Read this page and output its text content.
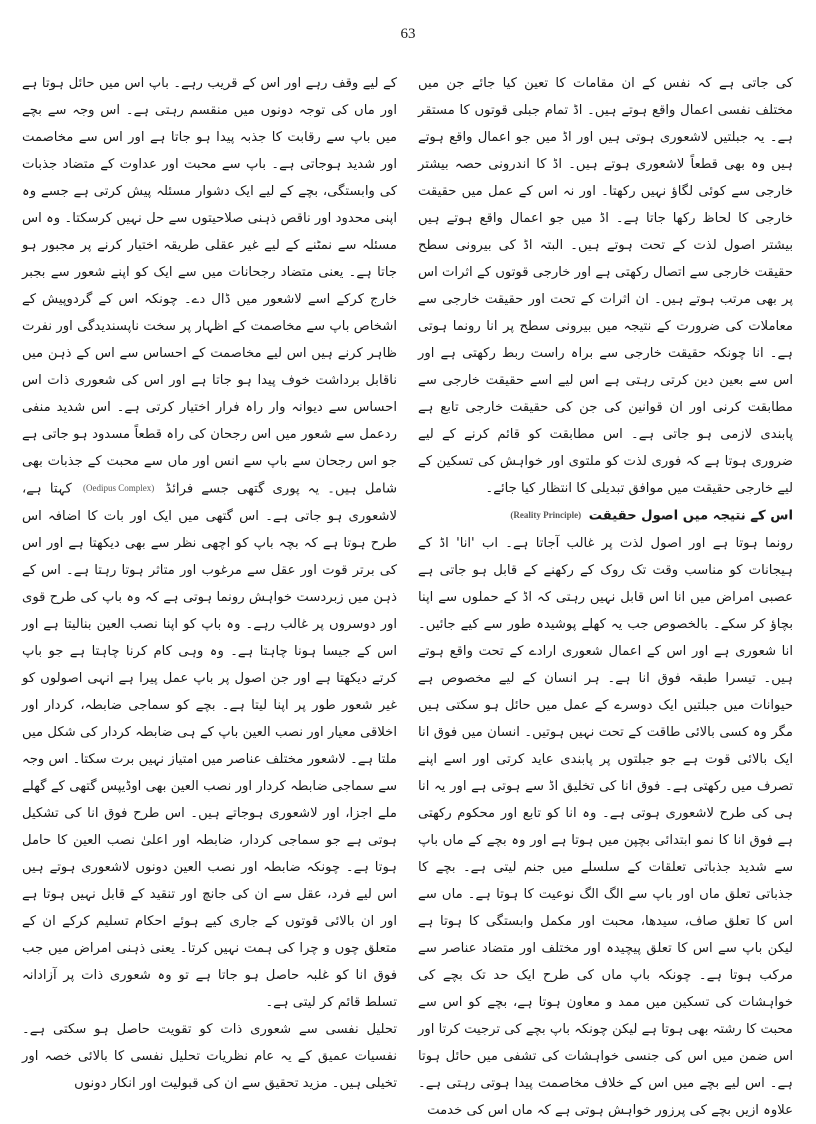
63

کی جاتی ہے کہ نفس کے ان مقامات کا تعین کیا جائے جن میں مختلف نفسی اعمال واقع ہوتے ہیں۔ اڈ تمام جبلی قوتوں کا مستقر ہے۔ یہ جبلتیں لاشعوری ہوتی ہیں اور اڈ میں جو اعمال واقع ہوتے ہیں وہ بھی قطعاً لاشعوری ہوتے ہیں۔ اڈ کا اندرونی حصہ بیشتر خارجی سے کوئی لگاؤ نہیں رکھتا۔ اور نہ اس کے عمل میں حقیقت خارجی کا لحاظ رکھا جاتا ہے۔ اڈ میں جو اعمال واقع ہوتے ہیں بیشتر اصول لذت کے تحت ہوتے ہیں۔ البتہ اڈ کی بیرونی سطح حقیقت خارجی سے اتصال رکھتی ہے اور خارجی قوتوں کے اثرات اس پر بھی مرتب ہوتے ہیں۔ ان اثرات کے تحت اور حقیقت خارجی سے معاملات کی ضرورت کے نتیجہ میں بیرونی سطح پر انا رونما ہوتی ہے۔ انا چونکہ حقیقت خارجی سے براہ راست ربط رکھتی ہے اور اس سے بعین دین کرتی رہتی ہے اس لیے اسے حقیقت خارجی سے مطابقت کرنی اور ان قوانین کی جن کی حقیقت خارجی تابع ہے پابندی لازمی ہو جاتی ہے۔ اس مطابقت کو قائم کرنے کے لیے ضروری ہوتا ہے کہ فوری لذت کو ملتوی اور خواہش کی تسکین کے لیے خارجی حقیقت میں موافق تبدیلی کا انتظار کیا جائے۔

اس کے نتیجہ میں اصول حقیقت (Reality Principle)

رونما ہوتا ہے اور اصول لذت پر غالب آجاتا ہے۔ اب 'انا' اڈ کے ہیجانات کو مناسب وقت تک روک کے رکھنے کے قابل ہو جاتی ہے عصبی امراض میں انا اس قابل نہیں رہتی کہ اڈ کے حملوں سے اپنا بچاؤ کر سکے۔ بالخصوص جب یہ کھلے پوشیدہ طور سے کیے جائیں۔ انا شعوری ہے اور اس کے اعمال شعوری ارادے کے تحت واقع ہوتے ہیں۔ تیسرا طبقہ فوق انا ہے۔ ہر انسان کے لیے مخصوص ہے حیوانات میں جبلتیں ایک دوسرے کے عمل میں حائل ہو سکتی ہیں مگر وہ کسی بالائی طاقت کے تحت نہیں ہوتیں۔ انسان میں فوق انا ایک بالائی قوت ہے جو جبلتوں پر پابندی عاید کرتی اور اسے اپنے تصرف میں رکھتی ہے۔ فوق انا کی تخلیق اڈ سے ہوتی ہے اور یہ انا ہی کی طرح لاشعوری ہوتی ہے۔ وہ انا کو تابع اور محکوم رکھتی ہے فوق انا کا نمو ابتدائی بچپن میں ہوتا ہے اور وہ بچے کے ماں باپ سے شدید جذباتی تعلقات کے سلسلے میں جنم لیتی ہے۔ بچے کا جذباتی تعلق ماں اور باپ سے الگ الگ نوعیت کا ہوتا ہے۔ ماں سے اس کا تعلق صاف، سیدھا، محبت اور مکمل وابستگی کا ہوتا ہے لیکن باپ سے اس کا تعلق پیچیدہ اور مختلف اور متضاد عناصر سے مرکب ہوتا ہے۔ چونکہ باپ ماں کی طرح ایک حد تک بچے کی خواہشات کی تسکین میں ممد و معاون ہوتا ہے، بچے کو اس سے محبت کا رشتہ بھی ہوتا ہے لیکن چونکہ باپ بچے کی ترجیت کرتا اور اس ضمن میں اس کی جنسی خواہشات کی تشفی میں حائل ہوتا ہے۔ اس لیے بچے میں اس کے خلاف مخاصمت پیدا ہوتی رہتی ہے۔ علاوہ ازیں بچے کی پرزور خواہش ہوتی ہے کہ ماں اس کی خدمت

کے لیے وقف رہے اور اس کے قریب رہے۔ باپ اس میں حائل ہوتا ہے اور ماں کی توجہ دونوں میں منقسم رہتی ہے۔ اس وجہ سے بچے میں باپ سے رقابت کا جذبہ پیدا ہو جاتا ہے اور اس سے مخاصمت اور شدید ہوجاتی ہے۔ باپ سے محبت اور عداوت کے متضاد جذبات کی وابستگی، بچے کے لیے ایک دشوار مسئلہ پیش کرتی ہے جسے وہ اپنی محدود اور ناقص ذہنی صلاحیتوں سے حل نہیں کرسکتا۔ وہ اس مسئلہ سے نمٹنے کے لیے غیر عقلی طریقہ اختیار کرنے پر مجبور ہو جاتا ہے۔ یعنی متضاد رجحانات میں سے ایک کو اپنے شعور سے بجبر خارج کرکے اسے لاشعور میں ڈال دے۔ چونکہ اس کے گردوپیش کے اشخاص باپ سے مخاصمت کے اظہار پر سخت ناپسندیدگی اور نفرت ظاہر کرنے ہیں اس لیے مخاصمت کے احساس سے اس کے ذہن میں ناقابل برداشت خوف پیدا ہو جاتا ہے اور اس کی شعوری ذات اس احساس سے دیوانہ وار راہ فرار اختیار کرتی ہے۔ اس شدید منفی ردعمل سے شعور میں اس رجحان کی راہ قطعاً مسدود ہو جاتی ہے جو اس رجحان سے باپ سے انس اور ماں سے محبت کے جذبات بھی شامل ہیں۔ یہ پوری گتھی جسے فرائڈ (Oedipus Complex) کہتا ہے، لاشعوری ہو جاتی ہے۔ اس گتھی میں ایک اور بات کا اضافہ اس طرح ہوتا ہے کہ بچہ باپ کو اچھی نظر سے بھی دیکھتا ہے اور اس کی برتر قوت اور عقل سے مرغوب اور متاثر ہوتا رہتا ہے۔ اس کے ذہن میں زبردست خواہش رونما ہوتی ہے کہ وہ باپ کی طرح قوی اور دوسروں پر غالب رہے۔ وہ باپ کو اپنا نصب العین بنالیتا ہے اور اس کے جیسا ہونا چاہتا ہے۔ وہ وہی کام کرنا چاہتا ہے جو باپ کرتے دیکھتا ہے اور جن اصول پر باپ عمل پیرا ہے انہی اصولوں کو غیر شعور طور پر اپنا لیتا ہے۔ بچے کو سماجی ضابطہ، کردار اور اخلاقی معیار اور نصب العین باپ کے ہی ضابطہ کردار کی شکل میں ملتا ہے۔ لاشعور مختلف عناصر میں امتیاز نہیں برت سکتا۔ اس وجہ سے سماجی ضابطہ کردار اور نصب العین بھی اوڈیپس گتھی کے گھلے ملے اجزا، اور لاشعوری ہوجاتے ہیں۔ اس طرح فوق انا کی تشکیل ہوتی ہے جو سماجی کردار، ضابطہ اور اعلیٰ نصب العین کا حامل ہوتا ہے۔ چونکہ ضابطہ اور نصب العین دونوں لاشعوری ہوتے ہیں اس لیے فرد، عقل سے ان کی جانچ اور تنقید کے قابل نہیں ہوتا ہے اور ان بالائی قوتوں کے جاری کیے ہوئے احکام تسلیم کرکے ان کے متعلق چوں و چرا کی ہمت نہیں کرتا۔ یعنی ذہنی امراض میں جب فوق انا کو غلبہ حاصل ہو جاتا ہے تو وہ شعوری ذات پر آزادانہ تسلط قائم کر لیتی ہے۔

تحلیل نفسی سے شعوری ذات کو تقویت حاصل ہو سکتی ہے۔ نفسیات عمیق کے یہ عام نظریات تحلیل نفسی کا بالائی خصہ اور تخیلی ہیں۔ مزید تحقیق سے ان کی قبولیت اور انکار دونوں
